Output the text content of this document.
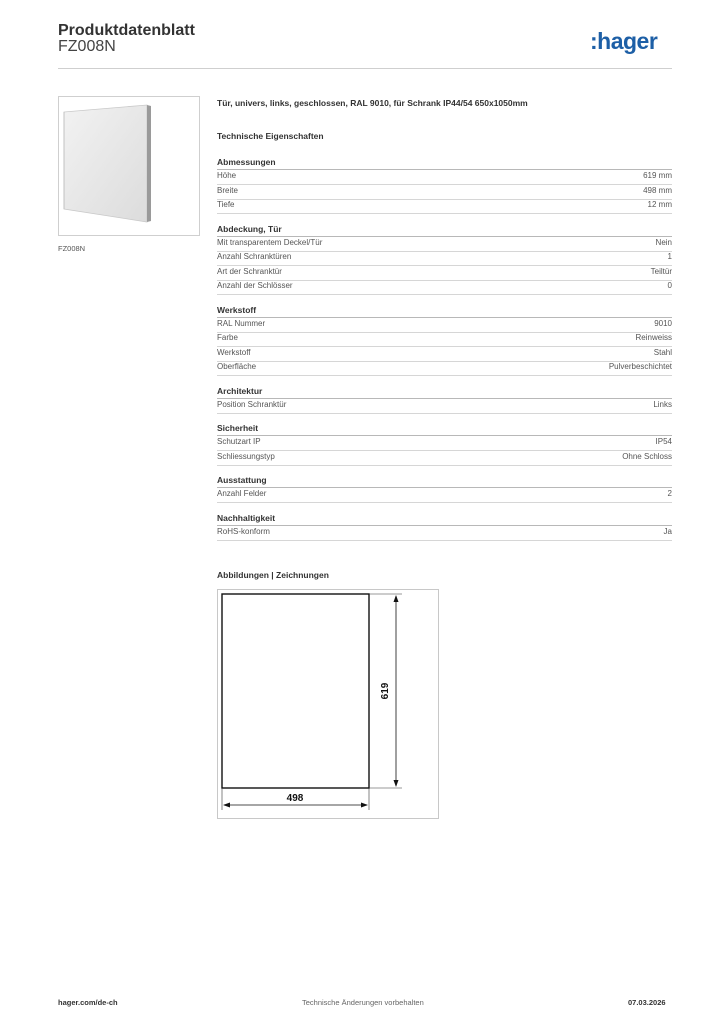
Produktdatenblatt
FZ008N	:hager
FZ008N
Tür, univers, links, geschlossen, RAL 9010, für Schrank IP44/54 650x1050mm
Technische Eigenschaften
Abmessungen
Höhe	619 mm
Breite	498 mm
Tiefe	12 mm
Abdeckung, Tür
Mit transparentem Deckel/Tür	Nein
Anzahl Schranktüren	1
Art der Schranktür	Teiltür
Anzahl der Schlösser	0
Werkstoff
RAL Nummer	9010
Farbe	Reinweiss
Werkstoff	Stahl
Oberfläche	Pulverbeschichtet
Architektur
Position Schranktür	Links
Sicherheit
Schutzart IP	IP54
Schliessungstyp	Ohne Schloss
Ausstattung
Anzahl Felder	2
Nachhaltigkeit
RoHS-konform	Ja
Abbildungen | Zeichnungen
619
498
hager.com/de-ch	Technische Änderungen vorbehalten	07.03.2026
